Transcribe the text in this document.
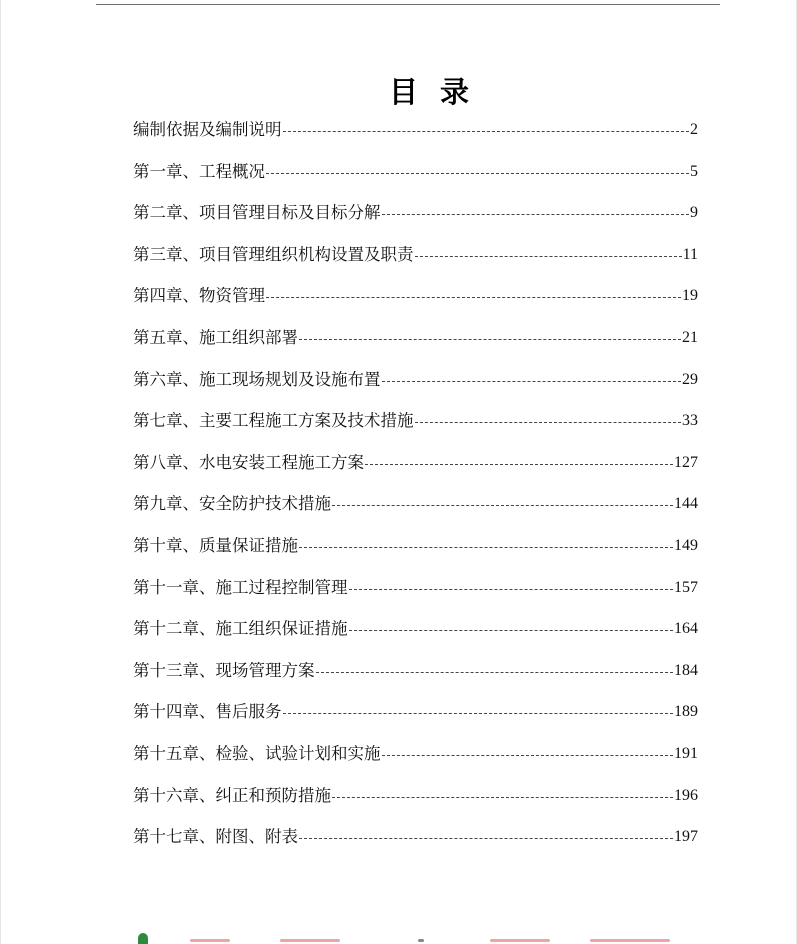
目录
编制依据及编制说明	2
第一章、工程概况	5
第二章、项目管理目标及目标分解	9
第三章、项目管理组织机构设置及职责	11
第四章、物资管理	19
第五章、施工组织部署	21
第六章、施工现场规划及设施布置	29
第七章、主要工程施工方案及技术措施	33
第八章、水电安装工程施工方案	127
第九章、安全防护技术措施	144
第十章、质量保证措施	149
第十一章、施工过程控制管理	157
第十二章、施工组织保证措施	164
第十三章、现场管理方案	184
第十四章、售后服务	189
第十五章、检验、试验计划和实施	191
第十六章、纠正和预防措施	196
第十七章、附图、附表	197
